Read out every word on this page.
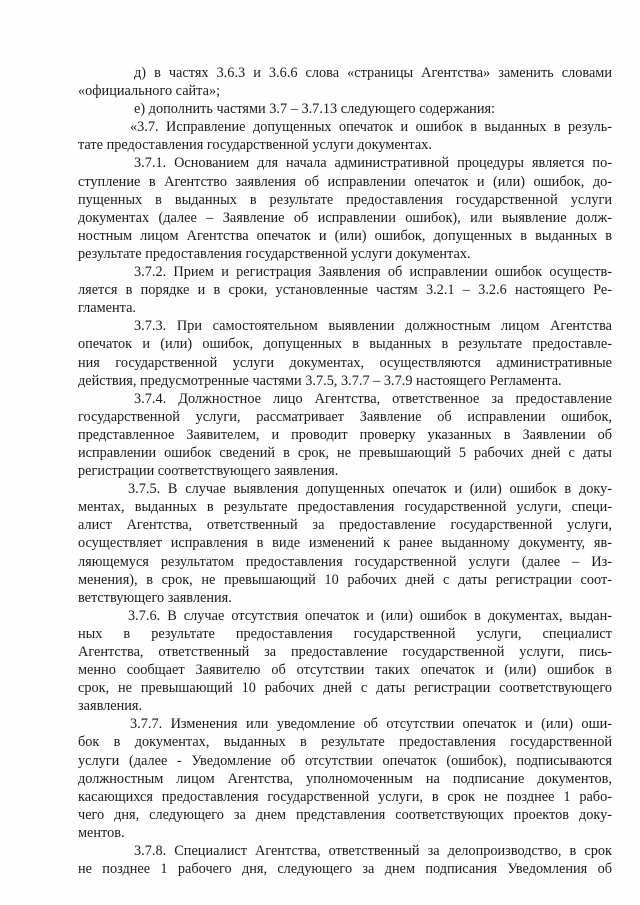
д) в частях 3.6.3 и 3.6.6 слова «страницы Агентства» заменить словами
«официального сайта»;
е) дополнить частями 3.7 – 3.7.13 следующего содержания:
«3.7. Исправление допущенных опечаток и ошибок в выданных в резуль-
тате предоставления государственной услуги документах.
3.7.1. Основанием для начала административной процедуры является по-
ступление в Агентство заявления об исправлении опечаток и (или) ошибок, до-
пущенных в выданных в результате предоставления государственной услуги
документах (далее – Заявление об исправлении ошибок), или выявление долж-
ностным лицом Агентства опечаток и (или) ошибок, допущенных в выданных в
результате предоставления государственной услуги документах.
3.7.2. Прием и регистрация Заявления об исправлении ошибок осуществ-
ляется в порядке и в сроки, установленные частям 3.2.1 – 3.2.6 настоящего Ре-
гламента.
3.7.3. При самостоятельном выявлении должностным лицом Агентства
опечаток и (или) ошибок, допущенных в выданных в результате предоставле-
ния государственной услуги документах, осуществляются административные
действия, предусмотренные частями 3.7.5, 3.7.7 – 3.7.9 настоящего Регламента.
3.7.4. Должностное лицо Агентства, ответственное за предоставление
государственной услуги, рассматривает Заявление об исправлении ошибок,
представленное Заявителем, и проводит проверку указанных в Заявлении об
исправлении ошибок сведений в срок, не превышающий 5 рабочих дней с даты
регистрации соответствующего заявления.
3.7.5. В случае выявления допущенных опечаток и (или) ошибок в доку-
ментах, выданных в результате предоставления государственной услуги, специ-
алист Агентства, ответственный за предоставление государственной услуги,
осуществляет исправления в виде изменений к ранее выданному документу, яв-
ляющемуся результатом предоставления государственной услуги (далее – Из-
менения), в срок, не превышающий 10 рабочих дней с даты регистрации соот-
ветствующего заявления.
3.7.6. В случае отсутствия опечаток и (или) ошибок в документах, выдан-
ных в результате предоставления государственной услуги, специалист
Агентства, ответственный за предоставление государственной услуги, пись-
менно сообщает Заявителю об отсутствии таких опечаток и (или) ошибок в
срок, не превышающий 10 рабочих дней с даты регистрации соответствующего
заявления.
3.7.7. Изменения или уведомление об отсутствии опечаток и (или) оши-
бок в документах, выданных в результате предоставления государственной
услуги (далее - Уведомление об отсутствии опечаток (ошибок), подписываются
должностным лицом Агентства, уполномоченным на подписание документов,
касающихся предоставления государственной услуги, в срок не позднее 1 рабо-
чего дня, следующего за днем представления соответствующих проектов доку-
ментов.
3.7.8. Специалист Агентства, ответственный за делопроизводство, в срок
не позднее 1 рабочего дня, следующего за днем подписания Уведомления об
